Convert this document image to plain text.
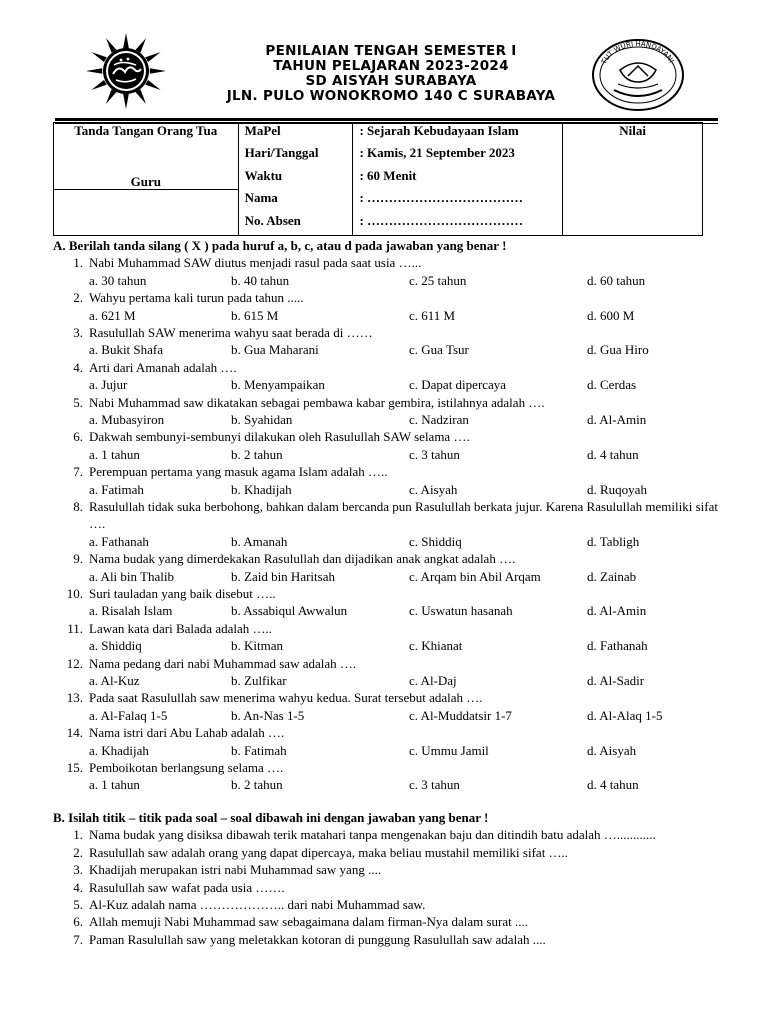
TUT WURI HANDAYANI
PENILAIAN TENGAH SEMESTER I
TAHUN PELAJARAN 2023-2024
SD AISYAH SURABAYA
JLN. PULO WONOKROMO 140 C SURABAYA
Tanda Tangan Orang Tua	MaPel	: Sejarah Kebudayaan Islam	Nilai
	Hari/Tanggal	: Kamis, 21 September 2023	
	Waktu	: 60 Menit	

Guru	Nama	: ………………………………	
	No. Absen	: ………………………………	
A. Berilah tanda silang ( X ) pada huruf a, b, c, atau d pada jawaban yang benar !
1. Nabi Muhammad SAW diutus menjadi rasul pada saat usia …...
a. 30 tahun	b. 40 tahun	c. 25 tahun	d. 60 tahun
2. Wahyu pertama kali turun pada tahun .....
a. 621 M	b. 615 M	c. 611 M	d. 600 M
3. Rasulullah SAW menerima wahyu saat berada di ……
a. Bukit Shafa	b. Gua Maharani	c. Gua Tsur	d. Gua Hiro
4. Arti dari Amanah adalah ….
a. Jujur	b. Menyampaikan	c. Dapat dipercaya	d. Cerdas
5. Nabi Muhammad saw dikatakan sebagai pembawa kabar gembira, istilahnya adalah ….
a. Mubasyiron	b. Syahidan	c. Nadziran	d. Al-Amin
6. Dakwah sembunyi-sembunyi dilakukan oleh Rasulullah SAW selama ….
a. 1 tahun	b. 2 tahun	c. 3 tahun	d. 4 tahun
7. Perempuan pertama yang masuk agama Islam adalah …..
a. Fatimah	b. Khadijah	c. Aisyah	d. Ruqoyah
8. Rasulullah tidak suka berbohong, bahkan dalam bercanda pun Rasulullah berkata jujur. Karena Rasulullah memiliki sifat ….
a. Fathanah	b. Amanah	c. Shiddiq	d. Tabligh
9. Nama budak yang dimerdekakan Rasulullah dan dijadikan anak angkat adalah ….
a. Ali bin Thalib	b. Zaid bin Haritsah	c. Arqam bin Abil Arqam	d. Zainab
10. Suri tauladan yang baik disebut …..
a. Risalah Islam	b. Assabiqul Awwalun	c. Uswatun hasanah	d. Al-Amin
11. Lawan kata dari Balada adalah …..
a. Shiddiq	b. Kitman	c. Khianat	d. Fathanah
12. Nama pedang dari nabi Muhammad saw adalah ….
a. Al-Kuz	b. Zulfikar	c. Al-Daj	d. Al-Sadir
13. Pada saat Rasulullah saw menerima wahyu kedua. Surat tersebut adalah ….
a. Al-Falaq 1-5	b. An-Nas 1-5	c. Al-Muddatsir 1-7	d. Al-Alaq 1-5
14. Nama istri dari Abu Lahab adalah ….
a. Khadijah	b. Fatimah	c. Ummu Jamil	d. Aisyah
15. Pemboikotan berlangsung selama ….
a. 1 tahun	b. 2 tahun	c. 3 tahun	d. 4 tahun
B. Isilah titik – titik pada soal – soal dibawah ini dengan jawaban yang benar !
1. Nama budak yang disiksa dibawah terik matahari tanpa mengenakan baju dan ditindih batu adalah …............
2. Rasulullah saw adalah orang yang dapat dipercaya, maka beliau mustahil memiliki sifat …..
3. Khadijah merupakan istri nabi Muhammad saw yang ....
4. Rasulullah saw wafat pada usia …….
5. Al-Kuz adalah nama ……………….. dari nabi Muhammad saw.
6. Allah memuji Nabi Muhammad saw sebagaimana dalam firman-Nya dalam surat ....
7. Paman Rasulullah saw yang meletakkan kotoran di punggung Rasulullah saw adalah ....
